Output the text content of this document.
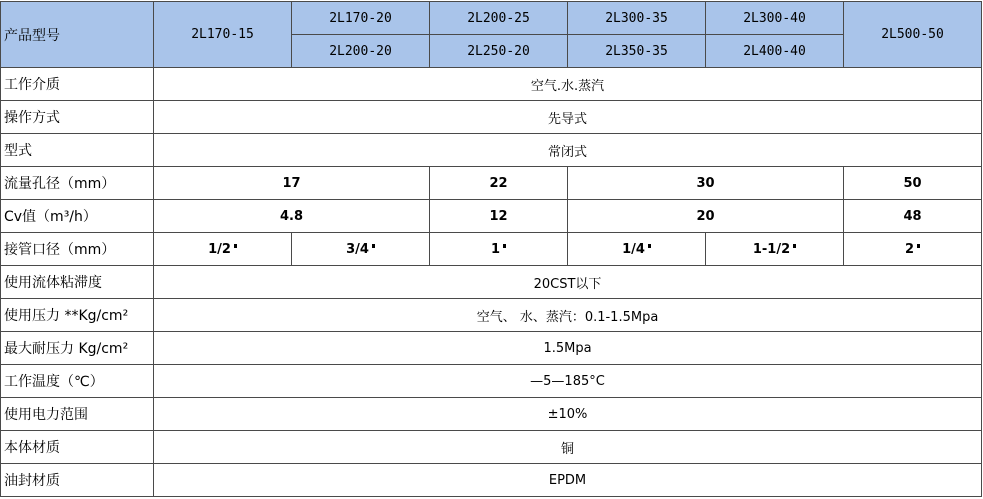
产品型号	2L170-15	2L170-20	2L200-25	2L300-35	2L300-40	2L500-50
		2L200-20	2L250-20	2L350-35	2L400-40	
工作介质	空气.水.蒸汽					
操作方式	先导式					
型式	常闭式					
流量孔径（mm）	17		22	30		50
Cv值（m³/h）	4.8		12	20		48
接管口径（mm）	1/2	3/4	1	1/4	1-1/2	2
使用流体粘滞度	20CST以下					
使用压力 **Kg/cm²	空气、 水、蒸汽：0.1-1.5Mpa					
最大耐压力 Kg/cm²	1.5Mpa					
工作温度（℃）	—5—185°C					
使用电力范围	±10%					
本体材质	铜					
油封材质	EPDM					
